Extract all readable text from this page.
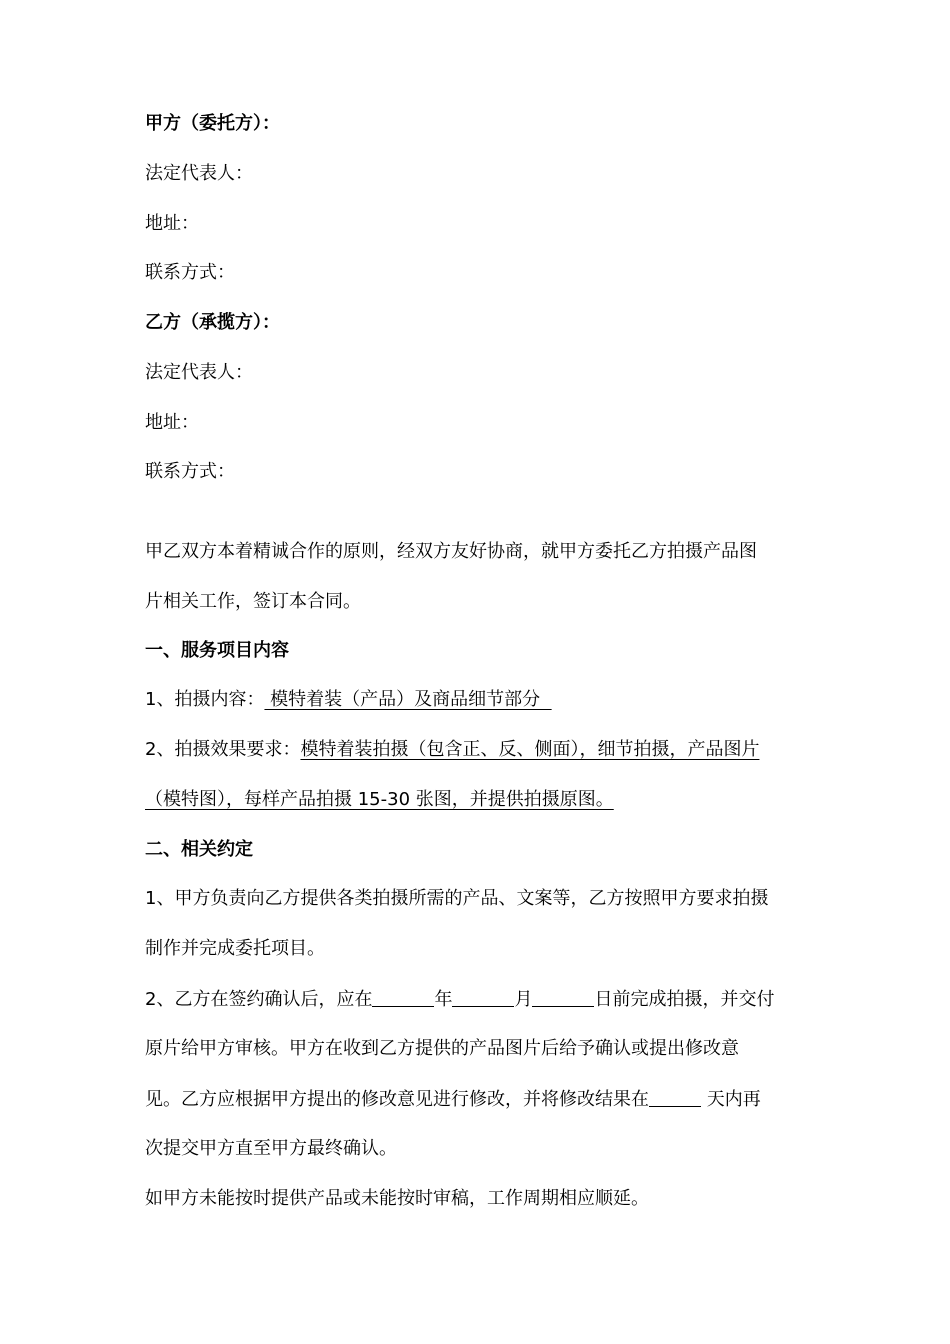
甲方（委托方）：
法定代表人：
地址：
联系方式：
乙方（承揽方）：
法定代表人：
地址：
联系方式：
甲乙双方本着精诚合作的原则，经双方友好协商，就甲方委托乙方拍摄产品图
片相关工作，签订本合同。
一、服务项目内容
1、拍摄内容： 模特着装（产品）及商品细节部分
2、拍摄效果要求：模特着装拍摄（包含正、反、侧面），细节拍摄，产品图片
（模特图），每样产品拍摄 15-30 张图，并提供拍摄原图。
二、相关约定
1、甲方负责向乙方提供各类拍摄所需的产品、文案等，乙方按照甲方要求拍摄
制作并完成委托项目。
2、乙方在签约确认后，应在	年	月	日前完成拍摄，并交付
原片给甲方审核。甲方在收到乙方提供的产品图片后给予确认或提出修改意
见。乙方应根据甲方提出的修改意见进行修改，并将修改结果在	天内再
次提交甲方直至甲方最终确认。
如甲方未能按时提供产品或未能按时审稿，工作周期相应顺延。
